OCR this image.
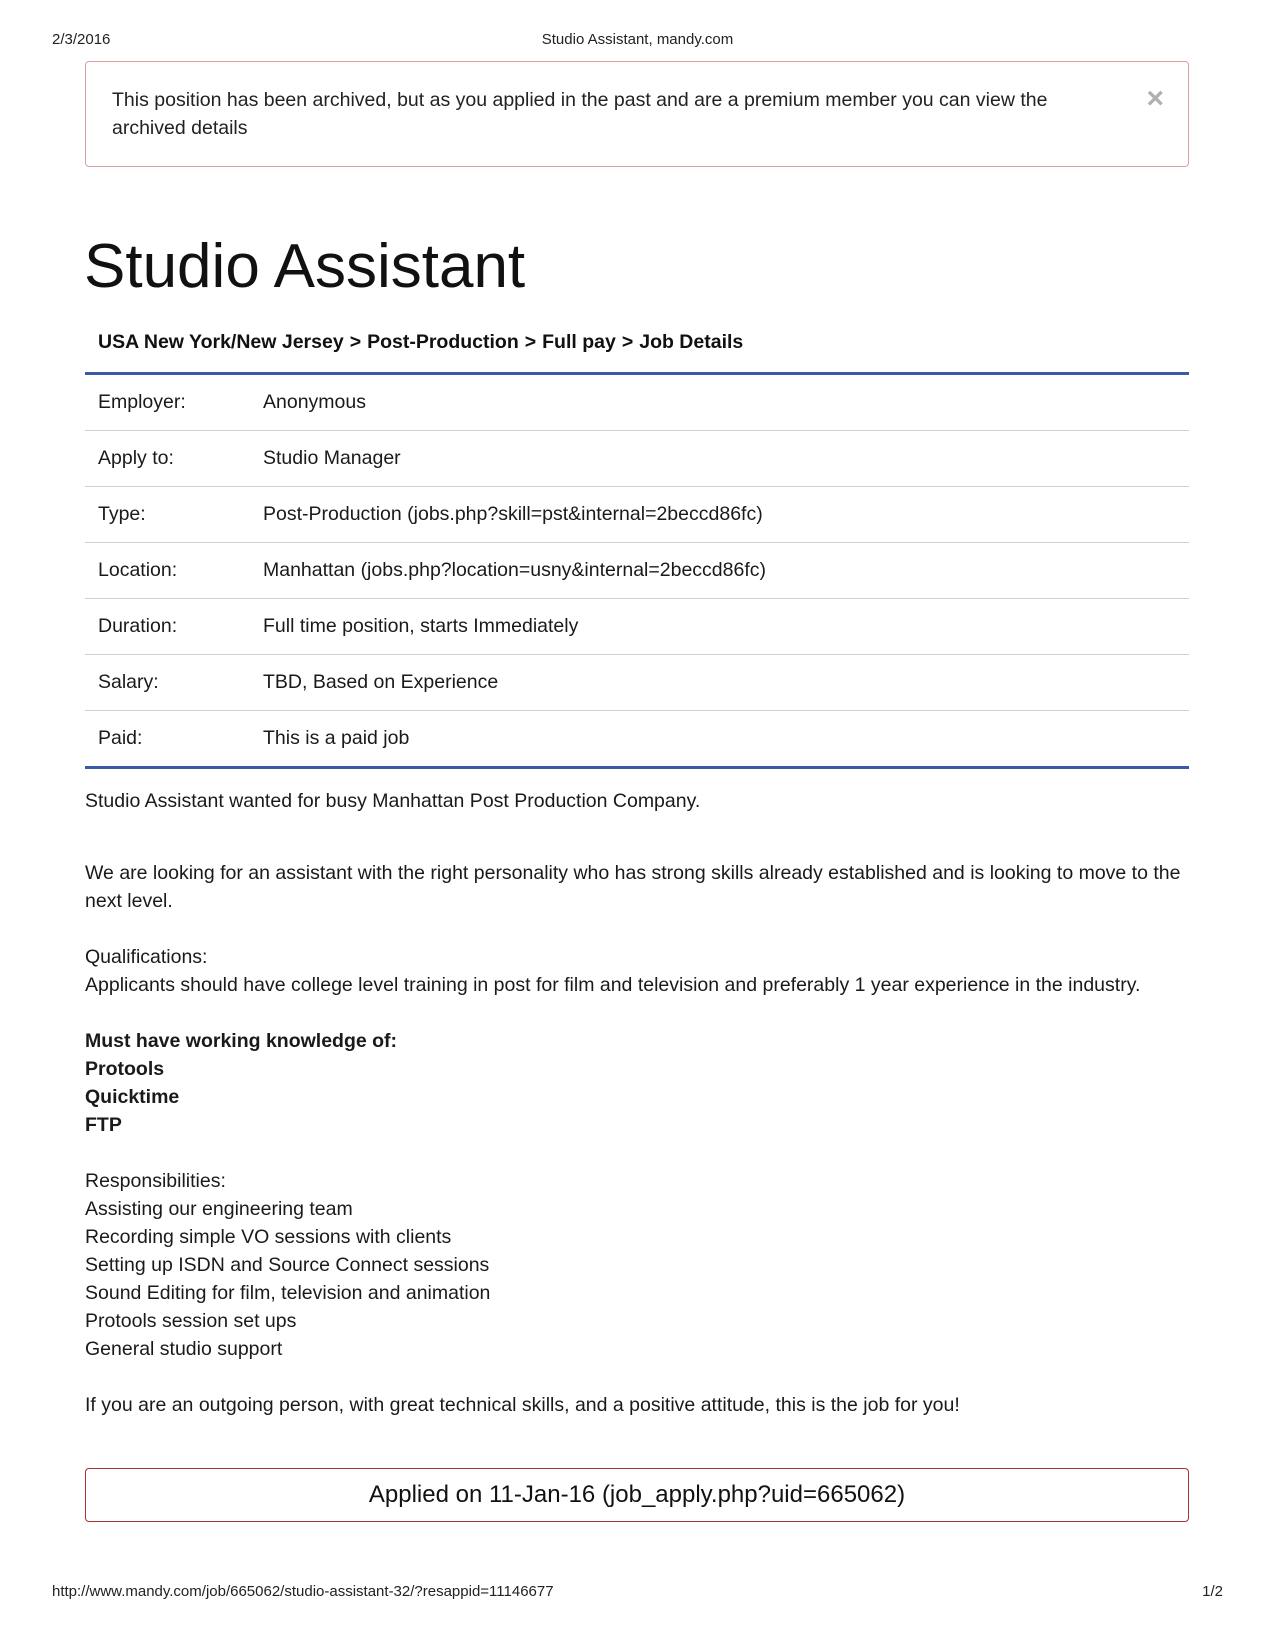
2/3/2016	Studio Assistant, mandy.com
This position has been archived, but as you applied in the past and are a premium member you can view the archived details
×
Studio Assistant
USA New York/New Jersey > Post-Production > Full pay > Job Details
Employer:	Anonymous
Apply to:	Studio Manager
Type:	Post-Production (jobs.php?skill=pst&internal=2beccd86fc)
Location:	Manhattan (jobs.php?location=usny&internal=2beccd86fc)
Duration:	Full time position, starts Immediately
Salary:	TBD, Based on Experience
Paid:	This is a paid job

Studio Assistant wanted for busy Manhattan Post Production Company.

We are looking for an assistant with the right personality who has strong skills already established and is looking to move to the next level.

Qualifications:

Applicants should have college level training in post for film and television and preferably 1 year experience in the industry.

Must have working knowledge of:

Protools

Quicktime

FTP

Responsibilities:

Assisting our engineering team

Recording simple VO sessions with clients

Setting up ISDN and Source Connect sessions

Sound Editing for film, television and animation

Protools session set ups

General studio support

If you are an outgoing person, with great technical skills, and a positive attitude, this is the job for you!

Applied on 11-Jan-16 (job_apply.php?uid=665062)
http://www.mandy.com/job/665062/studio-assistant-32/?resappid=11146677	1/2
